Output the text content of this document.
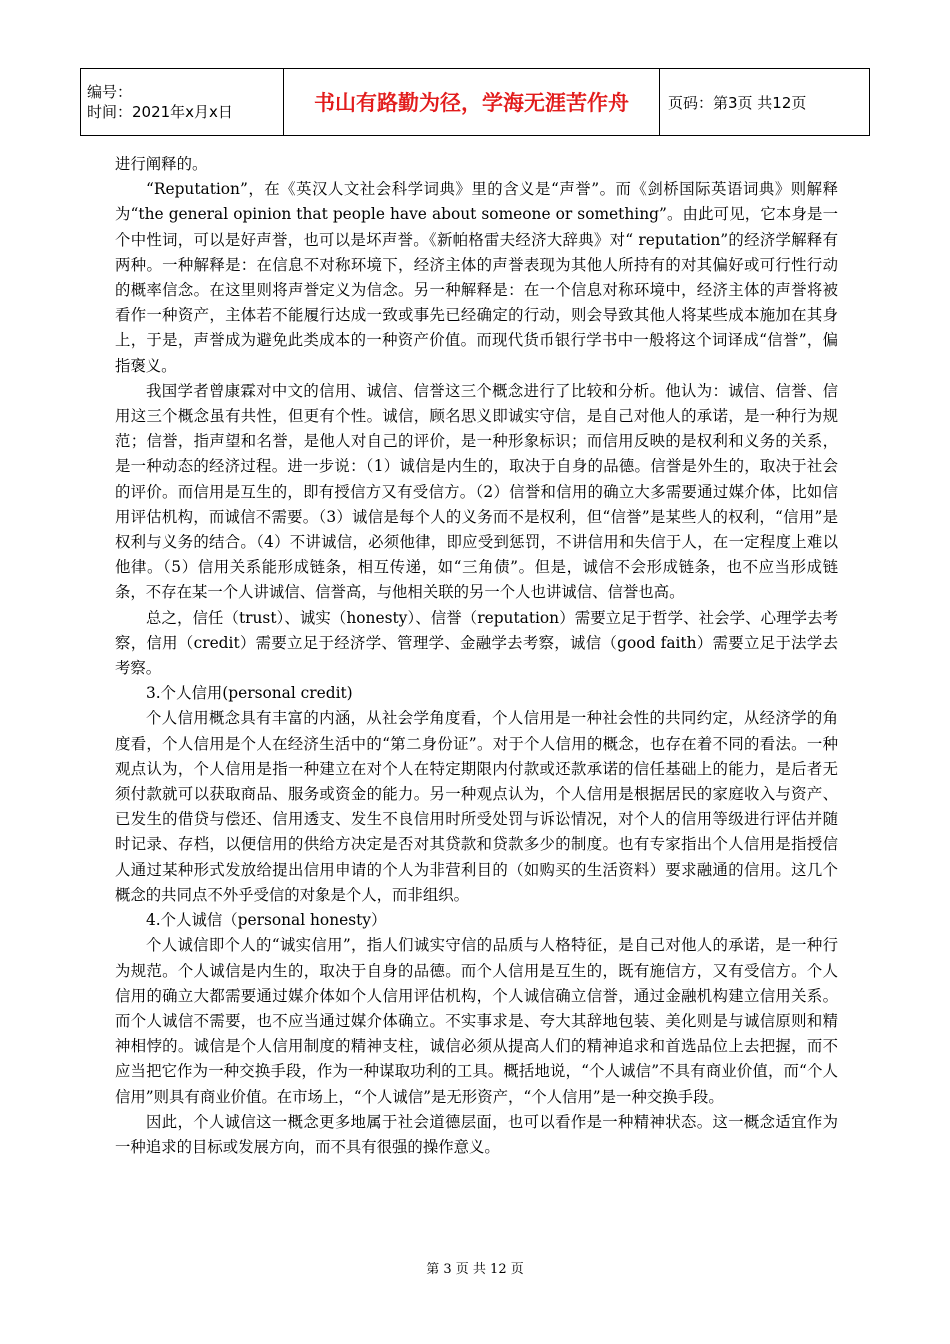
编号：
时间：2021年x月x日	书山有路勤为径，学海无涯苦作舟	页码：第3页 共12页

进行阐释的。

“Reputation”，在《英汉人文社会科学词典》里的含义是“声誉”。而《剑桥国际英语词典》则解释为“the general opinion that people have about someone or something”。由此可见，它本身是一个中性词，可以是好声誉，也可以是坏声誉。《新帕格雷夫经济大辞典》对“ reputation”的经济学解释有两种。一种解释是：在信息不对称环境下，经济主体的声誉表现为其他人所持有的对其偏好或可行性行动的概率信念。在这里则将声誉定义为信念。另一种解释是：在一个信息对称环境中，经济主体的声誉将被看作一种资产，主体若不能履行达成一致或事先已经确定的行动，则会导致其他人将某些成本施加在其身上，于是，声誉成为避免此类成本的一种资产价值。而现代货币银行学书中一般将这个词译成“信誉”，偏指褒义。

我国学者曾康霖对中文的信用、诚信、信誉这三个概念进行了比较和分析。他认为：诚信、信誉、信用这三个概念虽有共性，但更有个性。诚信，顾名思义即诚实守信，是自己对他人的承诺，是一种行为规范；信誉，指声望和名誉，是他人对自己的评价，是一种形象标识；而信用反映的是权利和义务的关系，是一种动态的经济过程。进一步说：（1）诚信是内生的，取决于自身的品德。信誉是外生的，取决于社会的评价。而信用是互生的，即有授信方又有受信方。（2）信誉和信用的确立大多需要通过媒介体，比如信用评估机构，而诚信不需要。（3）诚信是每个人的义务而不是权利，但“信誉”是某些人的权利，“信用”是权利与义务的结合。（4）不讲诚信，必须他律，即应受到惩罚，不讲信用和失信于人，在一定程度上难以他律。（5）信用关系能形成链条，相互传递，如“三角债”。但是，诚信不会形成链条，也不应当形成链条，不存在某一个人讲诚信、信誉高，与他相关联的另一个人也讲诚信、信誉也高。

总之，信任（trust）、诚实（honesty）、信誉（reputation）需要立足于哲学、社会学、心理学去考察，信用（credit）需要立足于经济学、管理学、金融学去考察，诚信（good faith）需要立足于法学去考察。

3.个人信用(personal credit)

个人信用概念具有丰富的内涵，从社会学角度看，个人信用是一种社会性的共同约定，从经济学的角度看，个人信用是个人在经济生活中的“第二身份证”。对于个人信用的概念，也存在着不同的看法。一种观点认为，个人信用是指一种建立在对个人在特定期限内付款或还款承诺的信任基础上的能力，是后者无须付款就可以获取商品、服务或资金的能力。另一种观点认为，个人信用是根据居民的家庭收入与资产、已发生的借贷与偿还、信用透支、发生不良信用时所受处罚与诉讼情况，对个人的信用等级进行评估并随时记录、存档，以便信用的供给方决定是否对其贷款和贷款多少的制度。也有专家指出个人信用是指授信人通过某种形式发放给提出信用申请的个人为非营利目的（如购买的生活资料）要求融通的信用。这几个概念的共同点不外乎受信的对象是个人，而非组织。

4.个人诚信（personal honesty）

个人诚信即个人的“诚实信用”，指人们诚实守信的品质与人格特征，是自己对他人的承诺，是一种行为规范。个人诚信是内生的，取决于自身的品德。而个人信用是互生的，既有施信方，又有受信方。个人信用的确立大都需要通过媒介体如个人信用评估机构，个人诚信确立信誉，通过金融机构建立信用关系。而个人诚信不需要，也不应当通过媒介体确立。不实事求是、夸大其辞地包装、美化则是与诚信原则和精神相悖的。诚信是个人信用制度的精神支柱，诚信必须从提高人们的精神追求和首选品位上去把握，而不应当把它作为一种交换手段，作为一种谋取功利的工具。概括地说，“个人诚信”不具有商业价值，而“个人信用”则具有商业价值。在市场上，“个人诚信”是无形资产，“个人信用”是一种交换手段。

因此，个人诚信这一概念更多地属于社会道德层面，也可以看作是一种精神状态。这一概念适宜作为一种追求的目标或发展方向，而不具有很强的操作意义。

第 3 页 共 12 页
